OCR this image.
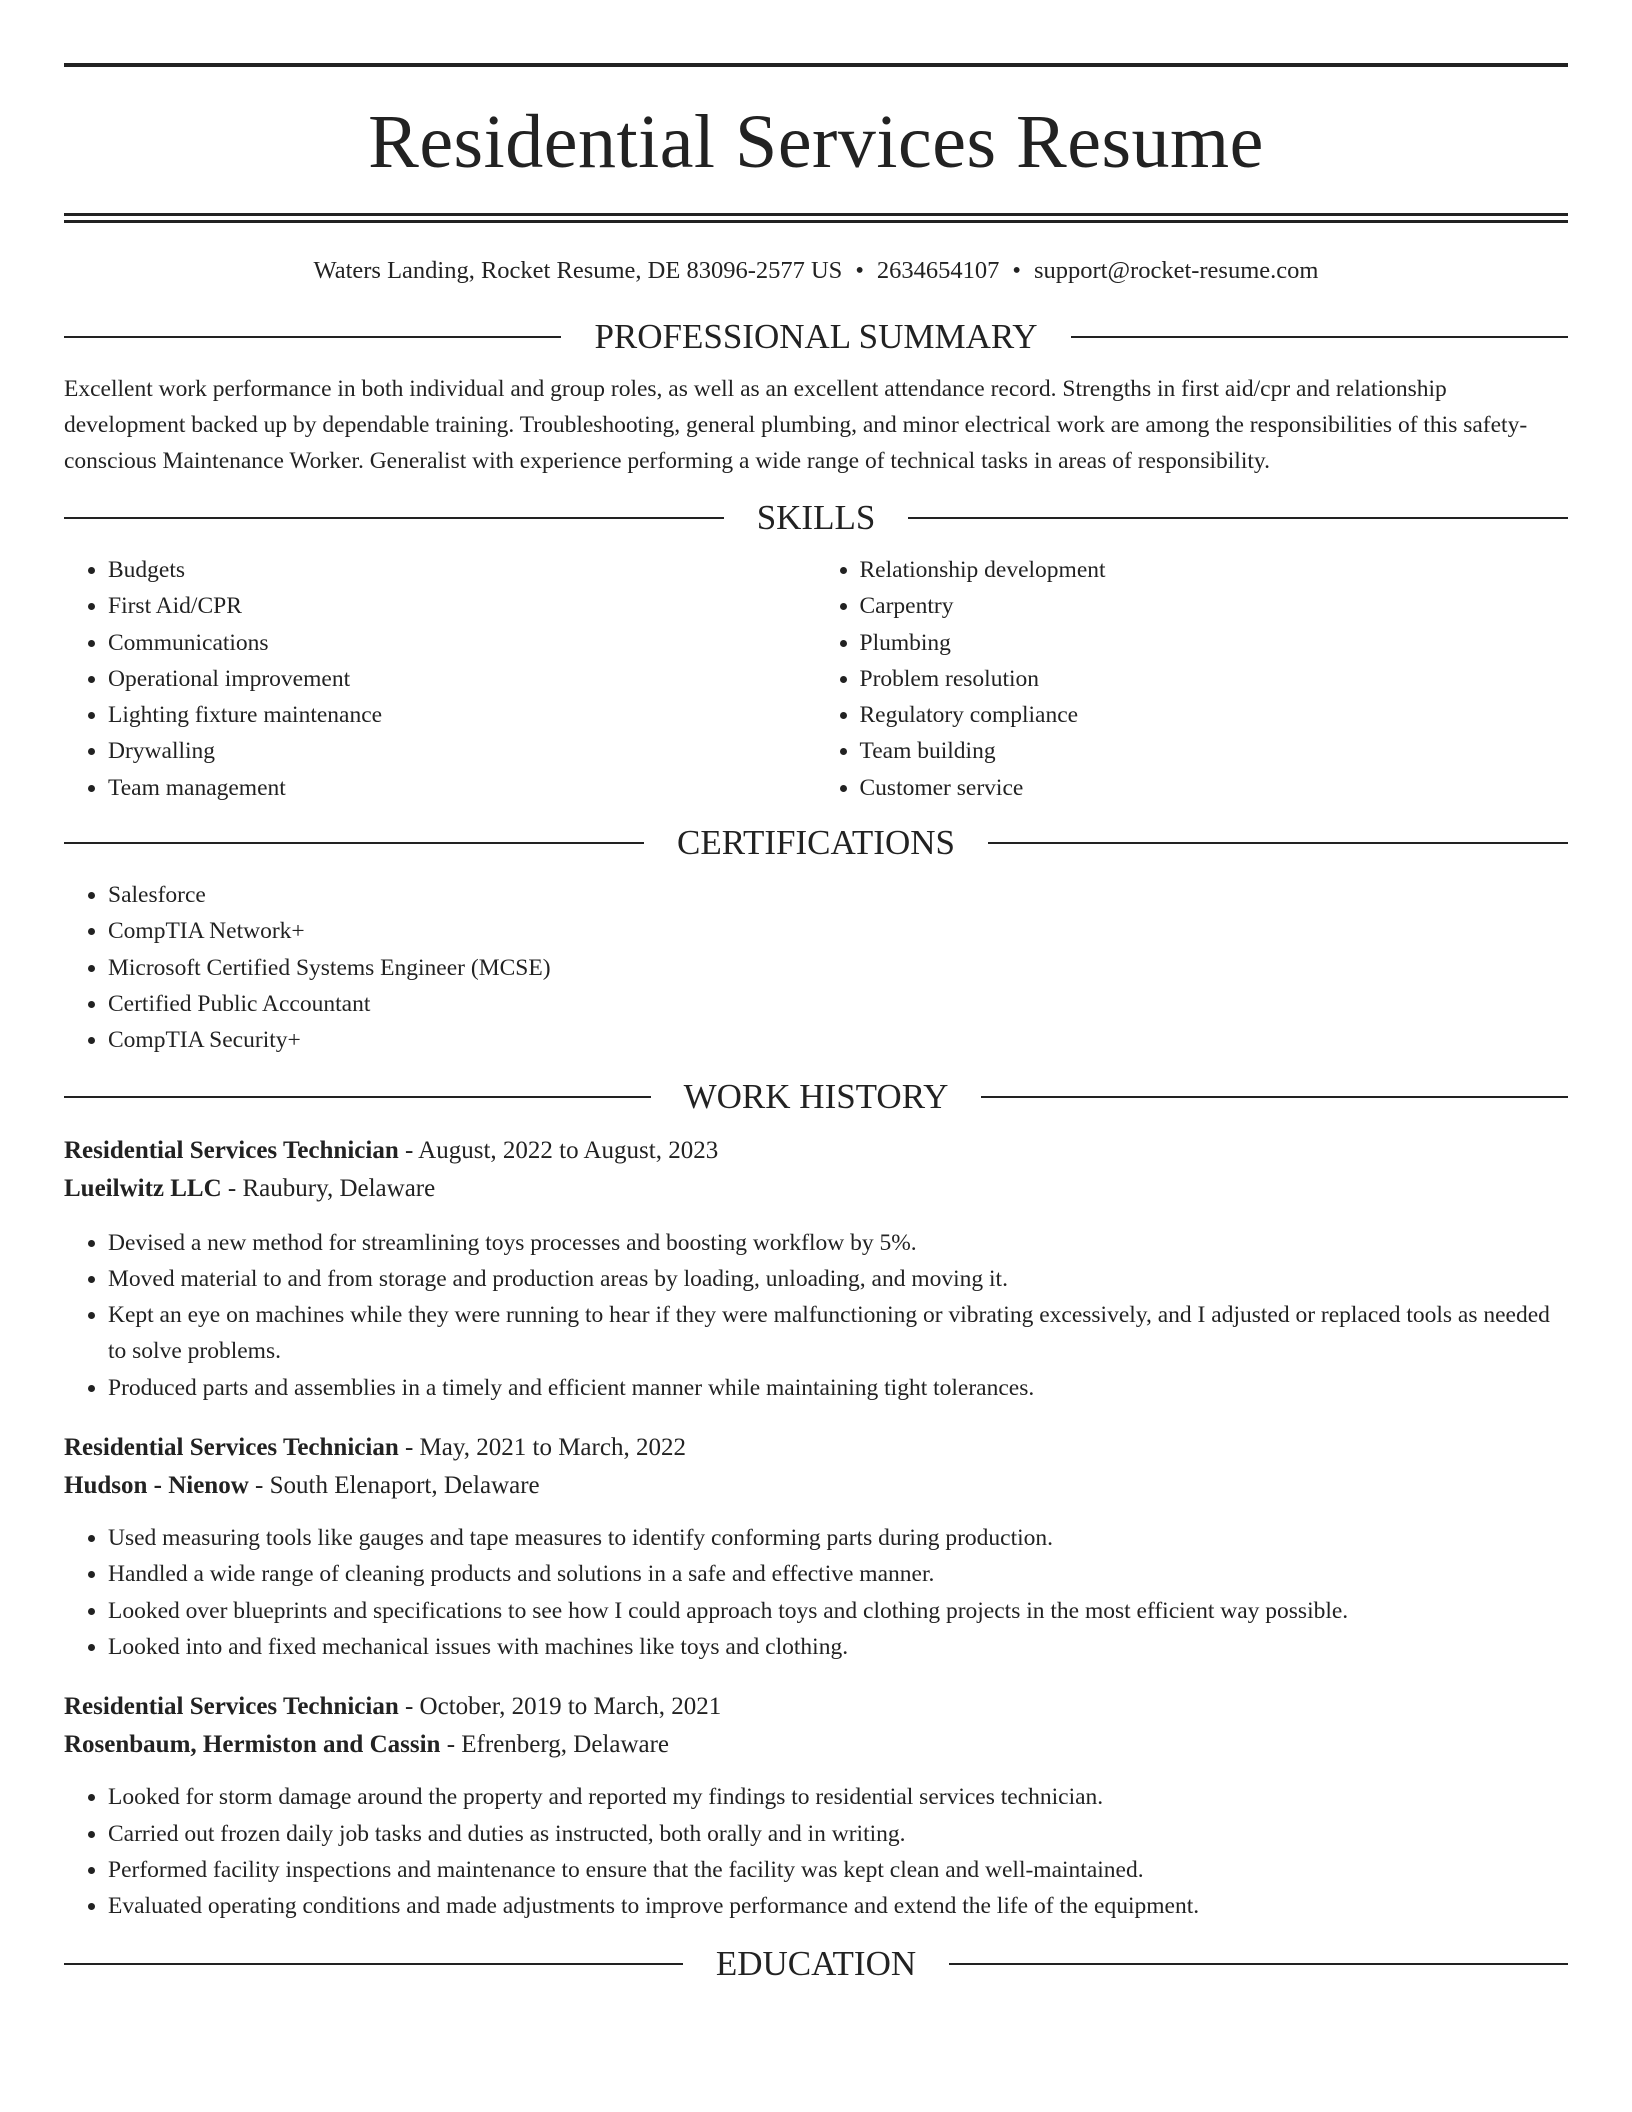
Residential Services Resume
Waters Landing, Rocket Resume, DE 83096-2577 US • 2634654107 • support@rocket-resume.com
PROFESSIONAL SUMMARY

Excellent work performance in both individual and group roles, as well as an excellent attendance record. Strengths in first aid/cpr and relationship development backed up by dependable training. Troubleshooting, general plumbing, and minor electrical work are among the responsibilities of this safety-conscious Maintenance Worker. Generalist with experience performing a wide range of technical tasks in areas of responsibility.

SKILLS
• Budgets
• First Aid/CPR
• Communications
• Operational improvement
• Lighting fixture maintenance
• Drywalling
• Team management
• Relationship development
• Carpentry
• Plumbing
• Problem resolution
• Regulatory compliance
• Team building
• Customer service
CERTIFICATIONS
• Salesforce
• CompTIA Network+
• Microsoft Certified Systems Engineer (MCSE)
• Certified Public Accountant
• CompTIA Security+
WORK HISTORY
Residential Services Technician - August, 2022 to August, 2023
Lueilwitz LLC - Raubury, Delaware
• Devised a new method for streamlining toys processes and boosting workflow by 5%.
• Moved material to and from storage and production areas by loading, unloading, and moving it.
• Kept an eye on machines while they were running to hear if they were malfunctioning or vibrating excessively, and I adjusted or replaced tools as needed to solve problems.
• Produced parts and assemblies in a timely and efficient manner while maintaining tight tolerances.
Residential Services Technician - May, 2021 to March, 2022
Hudson - Nienow - South Elenaport, Delaware
• Used measuring tools like gauges and tape measures to identify conforming parts during production.
• Handled a wide range of cleaning products and solutions in a safe and effective manner.
• Looked over blueprints and specifications to see how I could approach toys and clothing projects in the most efficient way possible.
• Looked into and fixed mechanical issues with machines like toys and clothing.
Residential Services Technician - October, 2019 to March, 2021
Rosenbaum, Hermiston and Cassin - Efrenberg, Delaware
• Looked for storm damage around the property and reported my findings to residential services technician.
• Carried out frozen daily job tasks and duties as instructed, both orally and in writing.
• Performed facility inspections and maintenance to ensure that the facility was kept clean and well-maintained.
• Evaluated operating conditions and made adjustments to improve performance and extend the life of the equipment.
EDUCATION
